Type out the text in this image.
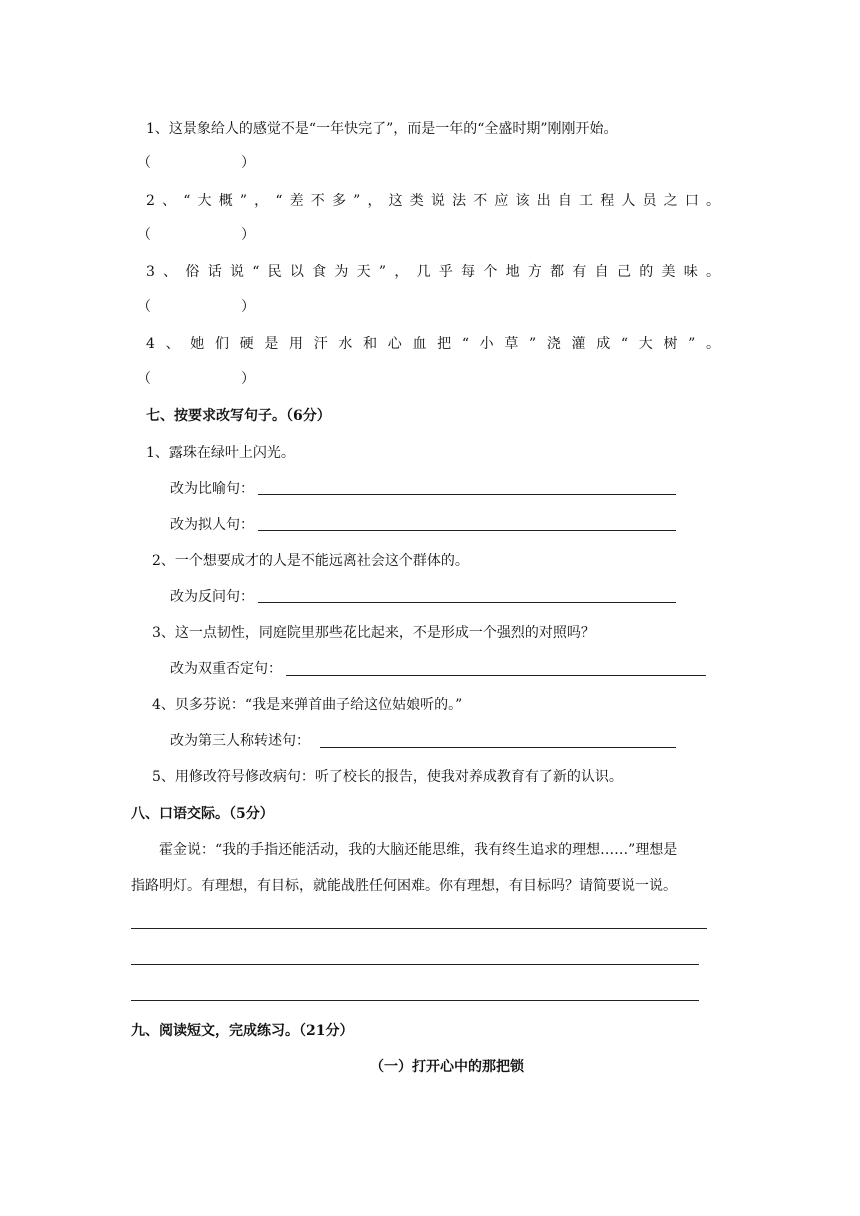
1、这景象给人的感觉不是“一年快完了”，而是一年的“全盛时期”刚刚开始。
（	）
2、“大概”，“差不多”，这类说法不应该出自工程人员之口。
（	）
3、俗话说“民以食为天”，几乎每个地方都有自己的美味。
（	）
4、她们硬是用汗水和心血把“小草”浇灌成“大树”。
（	）
七、按要求改写句子。（6分）
1、露珠在绿叶上闪光。
改为比喻句：
改为拟人句：
2、一个想要成才的人是不能远离社会这个群体的。
改为反问句：
3、这一点韧性，同庭院里那些花比起来，不是形成一个强烈的对照吗？
改为双重否定句：
4、贝多芬说：“我是来弹首曲子给这位姑娘听的。”
改为第三人称转述句：
5、用修改符号修改病句：听了校长的报告，使我对养成教育有了新的认识。
八、口语交际。（5分）
霍金说：“我的手指还能活动，我的大脑还能思维，我有终生追求的理想……”理想是
指路明灯。有理想，有目标，就能战胜任何困难。你有理想，有目标吗？请简要说一说。
九、阅读短文，完成练习。（21分）
（一）打开心中的那把锁
